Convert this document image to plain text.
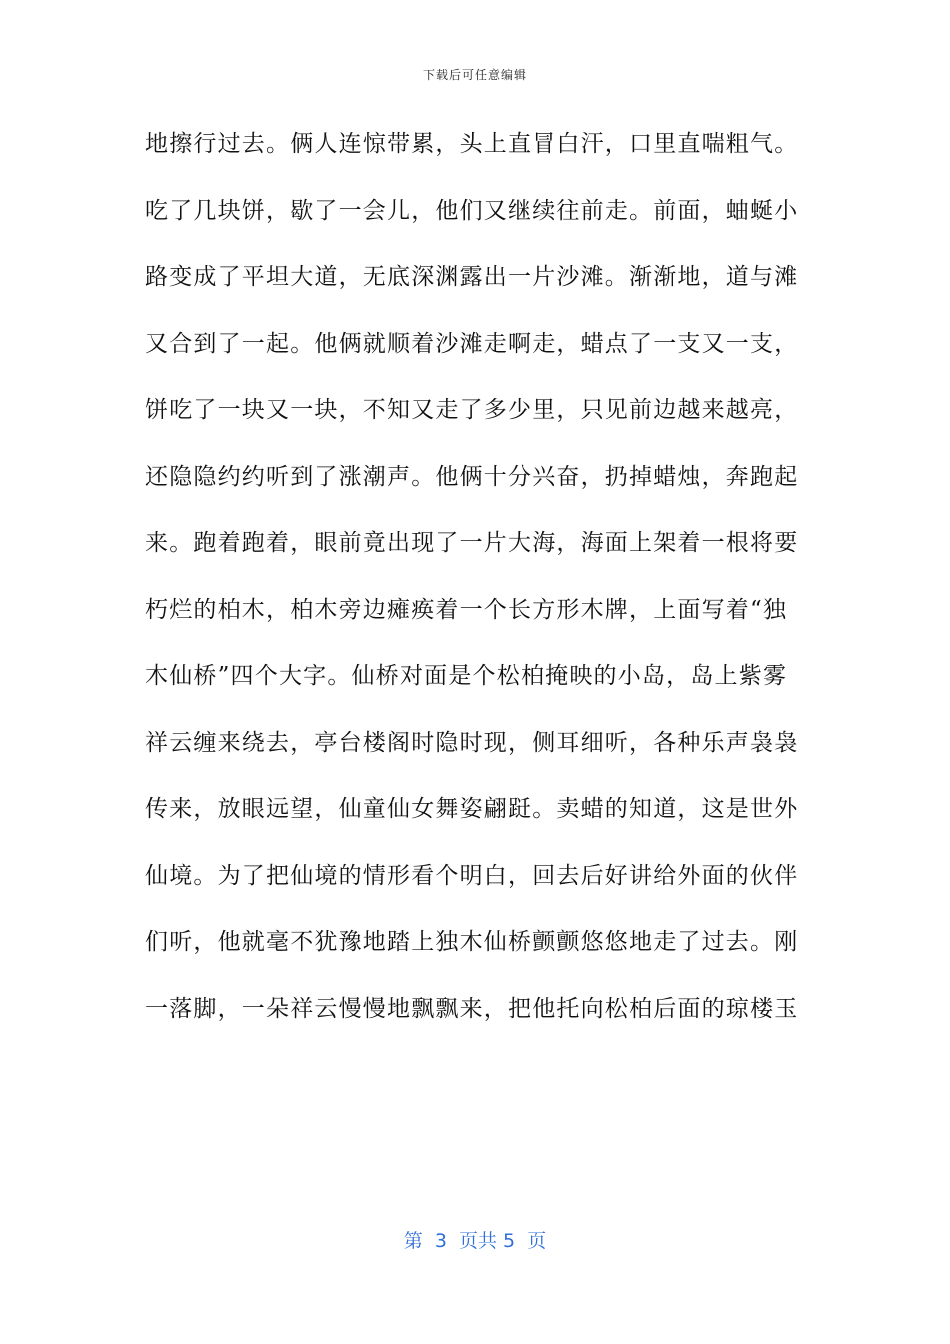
下载后可任意编辑
地擦行过去。俩人连惊带累，头上直冒白汗，口里直喘粗气。
吃了几块饼，歇了一会儿，他们又继续往前走。前面，蚰蜒小
路变成了平坦大道，无底深渊露出一片沙滩。渐渐地，道与滩
又合到了一起。他俩就顺着沙滩走啊走，蜡点了一支又一支，
饼吃了一块又一块，不知又走了多少里，只见前边越来越亮，
还隐隐约约听到了涨潮声。他俩十分兴奋，扔掉蜡烛，奔跑起
来。跑着跑着，眼前竟出现了一片大海，海面上架着一根将要
朽烂的柏木，柏木旁边瘫痪着一个长方形木牌，上面写着“独
木仙桥”四个大字。仙桥对面是个松柏掩映的小岛，岛上紫雾
祥云缠来绕去，亭台楼阁时隐时现，侧耳细听，各种乐声袅袅
传来，放眼远望，仙童仙女舞姿翩跹。卖蜡的知道，这是世外
仙境。为了把仙境的情形看个明白，回去后好讲给外面的伙伴
们听，他就毫不犹豫地踏上独木仙桥颤颤悠悠地走了过去。刚
一落脚，一朵祥云慢慢地飘飘来，把他托向松柏后面的琼楼玉
第  3  页共 5  页
